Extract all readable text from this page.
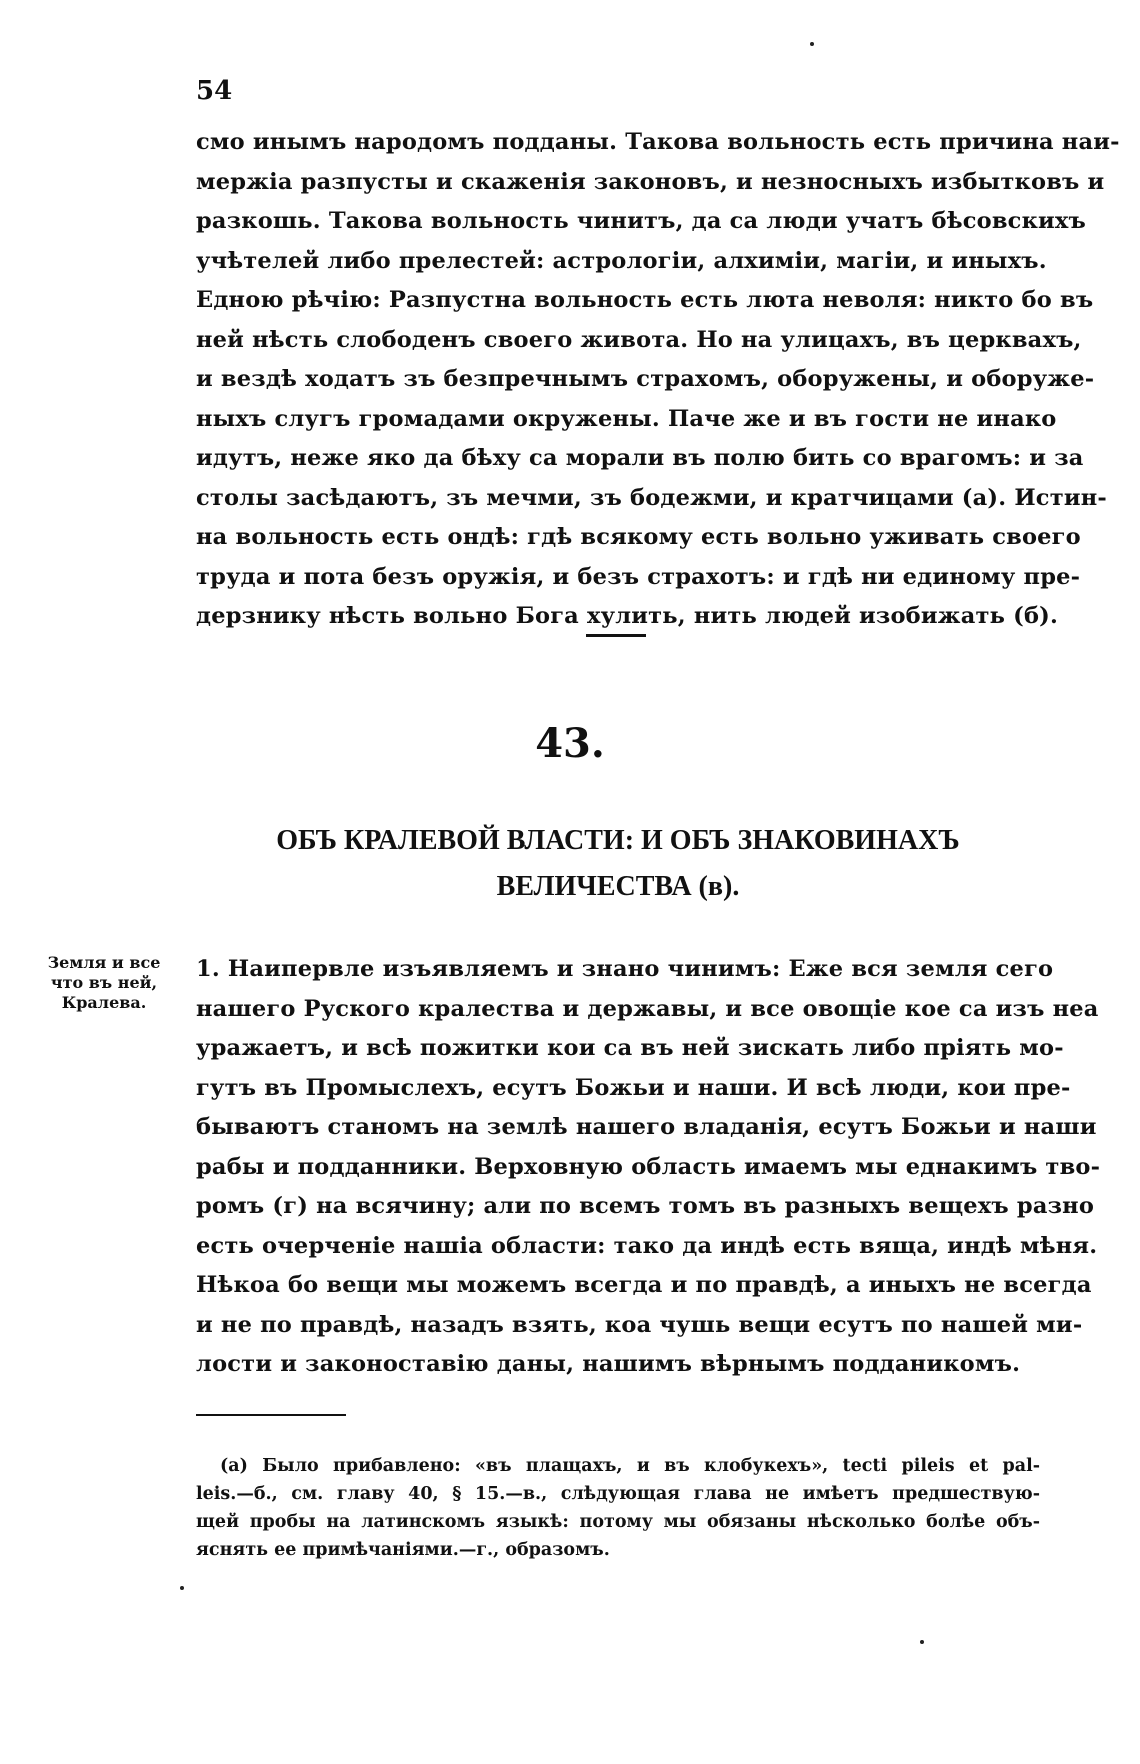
54
смо инымъ народомъ подданы. Такова вольность есть причина наи-
мержіа разпусты и скаженія законовъ, и незносныхъ избытковъ и
разкошь. Такова вольность чинитъ, да са люди учатъ бѣсовскихъ
учѣтелей либо прелестей: астрологіи, алхиміи, магіи, и иныхъ.
Едною рѣчію: Разпустна вольность есть люта неволя: никто бо въ
ней нѣсть слободенъ своего живота. Но на улицахъ, въ церквахъ,
и вездѣ ходатъ зъ безпречнымъ страхомъ, оборужены, и оборуже-
ныхъ слугъ громадами окружены. Паче же и въ гости не инако
идутъ, неже яко да бѣху са морали въ полю бить со врагомъ: и за
столы засѣдаютъ, зъ мечми, зъ бодежми, и кратчицами (а). Истин-
на вольность есть ондѣ: гдѣ всякому есть вольно уживать своего
труда и пота безъ оружія, и безъ страхотъ: и гдѣ ни единому пре-
дерзнику нѣсть вольно Бога хулить, нить людей изобижать (б).
43.
ОБЪ КРАЛЕВОЙ ВЛАСТИ: И ОБЪ ЗНАКОВИНАХЪ
ВЕЛИЧЕСТВА (в).
Земля и все
что въ ней,
Кралева.
1. Наипервле изъявляемъ и знано чинимъ: Еже вся земля сего
нашего Руского кралества и державы, и все овощіе кое са изъ неа
уражаетъ, и всѣ пожитки кои са въ ней зискать либо пріять мо-
гутъ въ Промыслехъ, есутъ Божьи и наши. И всѣ люди, кои пре-
бываютъ станомъ на землѣ нашего владанія, есутъ Божьи и наши
рабы и подданники. Верховную область имаемъ мы еднакимъ тво-
ромъ (г) на всячину; али по всемъ томъ въ разныхъ вещехъ разно
есть очерченіе нашіа области: тако да индѣ есть вяща, индѣ мѣня.
Нѣкоа бо вещи мы можемъ всегда и по правдѣ, а иныхъ не всегда
и не по правдѣ, назадъ взять, коа чушь вещи есутъ по нашей ми-
лости и законоставію даны, нашимъ вѣрнымъ подданикомъ.
(а) Было прибавлено: «въ плащахъ, и въ клобукехъ», tecti pileis et pal-
leis.—б., см. главу 40, § 15.—в., слѣдующая глава не имѣетъ предшествую-
щей пробы на латинскомъ языкѣ: потому мы обязаны нѣсколько болѣе объ-
яснять ее примѣчаніями.—г., образомъ.
